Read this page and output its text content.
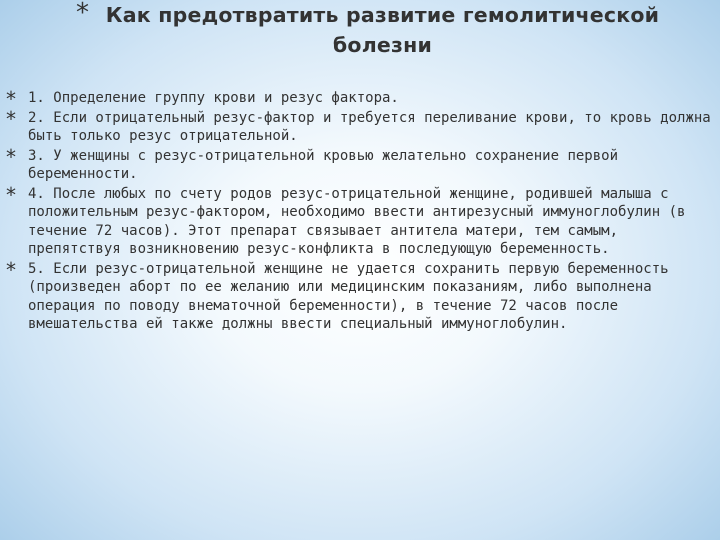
* Как предотвратить развитие гемолитической болезни
* 1. Определение группу крови и резус фактора.
* 2. Если отрицательный резус-фактор и требуется переливание крови, то кровь должна быть только резус отрицательной.
* 3. У женщины с резус-отрицательной кровью желательно сохранение первой беременности.
* 4. После любых по счету родов резус-отрицательной женщине, родившей малыша с положительным резус-фактором, необходимо ввести антирезусный иммуноглобулин (в течение 72 часов). Этот препарат связывает антитела матери, тем самым, препятствуя возникновению резус-конфликта в последующую беременность.
* 5. Если резус-отрицательной женщине не удается сохранить первую беременность (произведен аборт по ее желанию или медицинским показаниям, либо выполнена операция по поводу внематочной беременности), в течение 72 часов после вмешательства ей также должны ввести специальный иммуноглобулин.
